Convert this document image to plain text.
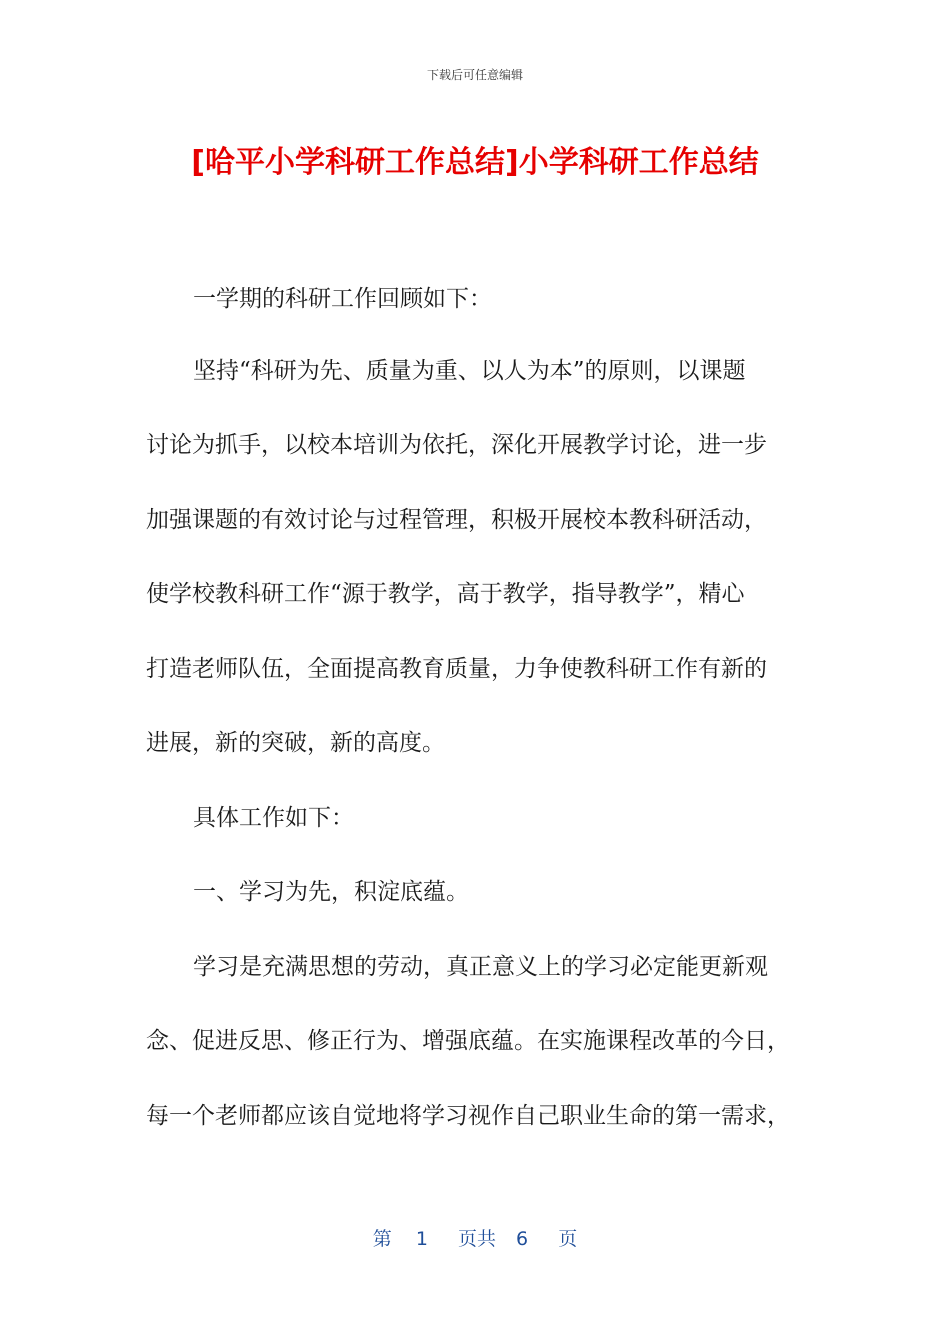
下载后可任意编辑
[哈平小学科研工作总结]小学科研工作总结
一学期的科研工作回顾如下：
坚持“科研为先、质量为重、以人为本”的原则，以课题
讨论为抓手，以校本培训为依托，深化开展教学讨论，进一步
加强课题的有效讨论与过程管理，积极开展校本教科研活动，
使学校教科研工作“源于教学，高于教学，指导教学”，精心
打造老师队伍，全面提高教育质量，力争使教科研工作有新的
进展，新的突破，新的高度。
具体工作如下：
一、学习为先，积淀底蕴。
学习是充满思想的劳动，真正意义上的学习必定能更新观
念、促进反思、修正行为、增强底蕴。在实施课程改革的今日，
每一个老师都应该自觉地将学习视作自己职业生命的第一需求，
第 1 页共 6 页
